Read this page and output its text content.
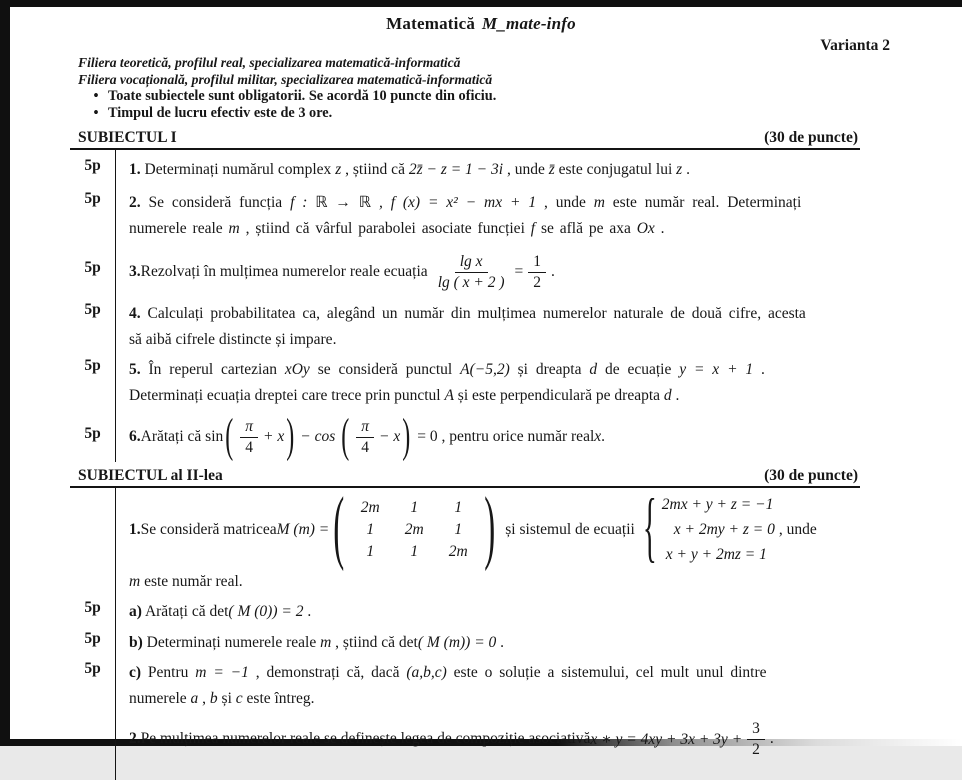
Matematică M_mate-info
Varianta 2
Filiera teoretică, profilul real, specializarea matematică-informatică
Filiera vocațională, profilul militar, specializarea matematică-informatică
•
Toate subiectele sunt obligatorii. Se acordă 10 puncte din oficiu.
•
Timpul de lucru efectiv este de 3 ore.
SUBIECTUL I	(30 de puncte)
5p	1. Determinați numărul complex z , știind că 2z̄ − z = 1 − 3i , unde z̄ este conjugatul lui z .

5p	2. Se consideră funcția f : ℝ → ℝ , f (x) = x² − mx + 1 , unde m este număr real. Determinați

numerele reale m , știind că vârful parabolei asociate funcției f se află pe axa Ox .

5p	3. Rezolvați în mulțimea numerelor reale ecuația $\frac{\text{lg x}}{\lg ( x + 2 )} = \frac{1}{2}$ .
5p	4. Calculați probabilitatea ca, alegând un număr din mulțimea numerelor naturale de două cifre, acesta

să aibă cifrele distincte și impare.

5p	5. În reperul cartezian xOy se consideră punctul A(−5,2) și dreapta d de ecuație y = x + 1 .

Determinați ecuația dreptei care trece prin punctul A și este perpendiculară pe dreapta d .

5p	6. Arătați că sin ( $\frac{\pi}{4} + x$ ) − cos ( $\frac{\pi}{4} - x$ ) = 0 , pentru orice număr real x .
SUBIECTUL al II-lea	(30 de puncte)
1. Se consideră matricea M (m) = (	2m	1	1
1	2m	1
1	1	2m ) și sistemul de ecuații { 2mx + y + z = −1
x + 2my + z = 0
x + y + 2mz = 1
, unde

m este număr real.

5p	a) Arătați că det( M (0)) = 2 .

5p	b) Determinați numerele reale m , știind că det( M (m)) = 0 .

5p	c) Pentru m = −1 , demonstrați că, dacă (a,b,c) este o soluție a sistemului, cel mult unul dintre

numerele a , b și c este întreg.

2. Pe mulțimea numerelor reale se definește legea de compoziție asociativă x ∗ $y = 4xy + 3x + 3y + \frac{3}{2}$ .
